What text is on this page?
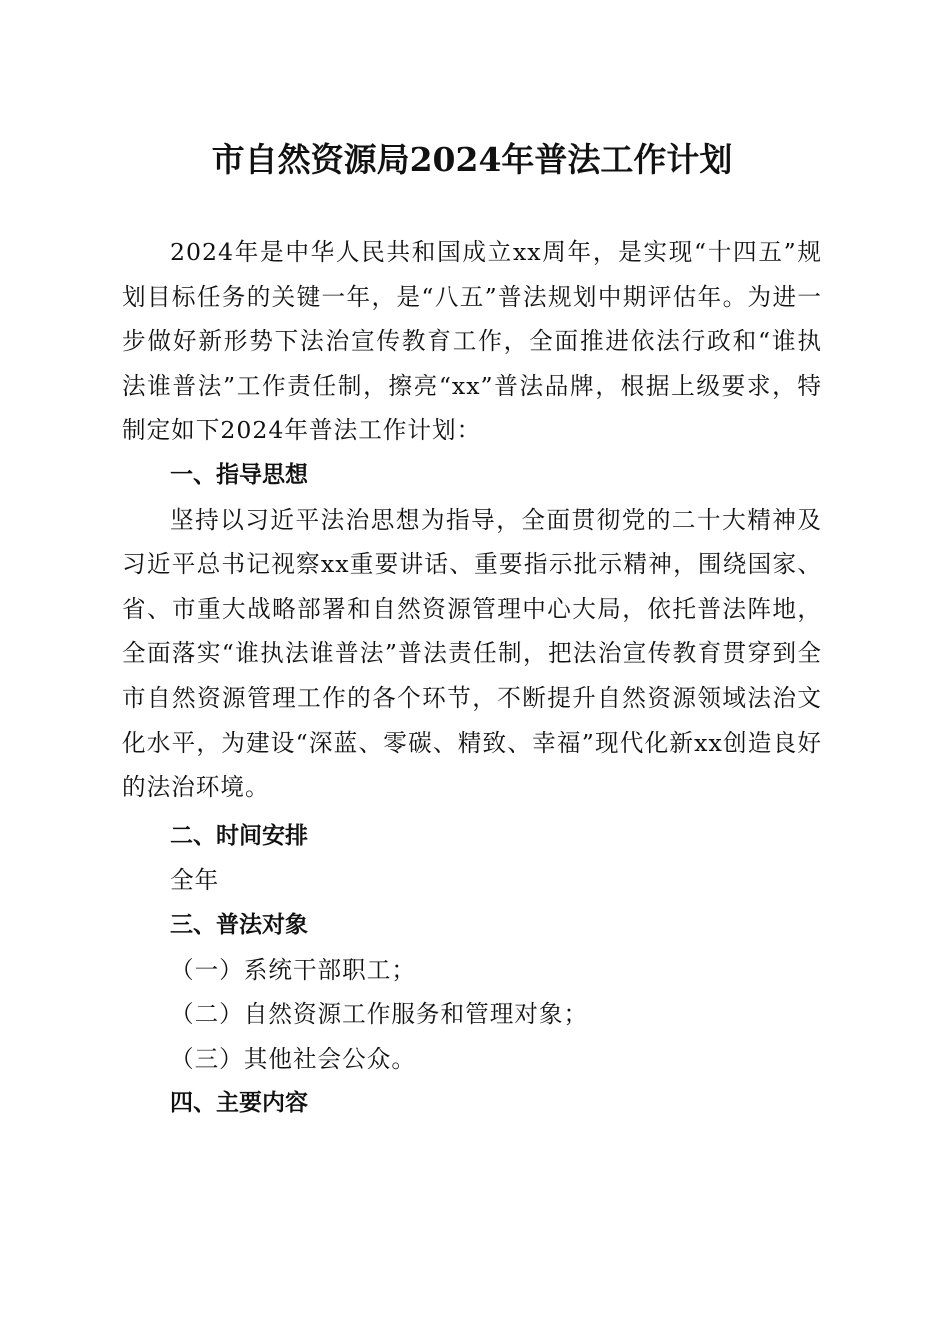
市自然资源局2024年普法工作计划

2024年是中华人民共和国成立xx周年，是实现“十四五”规划目标任务的关键一年，是“八五”普法规划中期评估年。为进一步做好新形势下法治宣传教育工作，全面推进依法行政和“谁执法谁普法”工作责任制，擦亮“xx”普法品牌，根据上级要求，特制定如下2024年普法工作计划：

一、指导思想

坚持以习近平法治思想为指导，全面贯彻党的二十大精神及习近平总书记视察xx重要讲话、重要指示批示精神，围绕国家、省、市重大战略部署和自然资源管理中心大局，依托普法阵地，全面落实“谁执法谁普法”普法责任制，把法治宣传教育贯穿到全市自然资源管理工作的各个环节，不断提升自然资源领域法治文化水平，为建设“深蓝、零碳、精致、幸福”现代化新xx创造良好的法治环境。

二、时间安排

全年

三、普法对象

（一）系统干部职工；

（二）自然资源工作服务和管理对象；

（三）其他社会公众。

四、主要内容
